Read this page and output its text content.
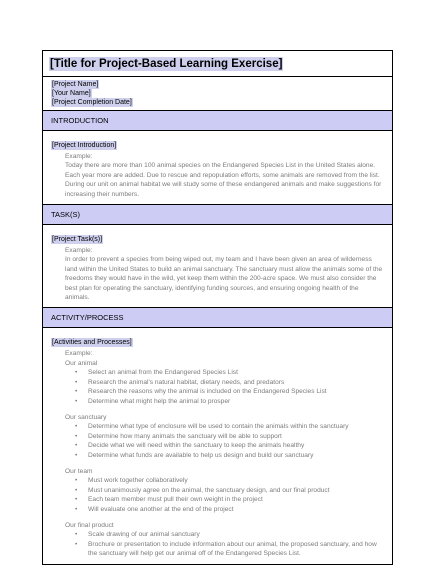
[Title for Project-Based Learning Exercise]
[Project Name]
[Your Name]
[Project Completion Date]
INTRODUCTION
[Project Introduction]
Example:
Today there are more than 100 animal species on the Endangered Species List in the United States alone. Each year more are added. Due to rescue and repopulation efforts, some animals are removed from the list. During our unit on animal habitat we will study some of these endangered animals and make suggestions for increasing their numbers.
TASK(S)
[Project Task(s)]
Example:
In order to prevent a species from being wiped out, my team and I have been given an area of wilderness land within the United States to build an animal sanctuary. The sanctuary must allow the animals some of the freedoms they would have in the wild, yet keep them within the 200-acre space. We must also consider the best plan for operating the sanctuary, identifying funding sources, and ensuring ongoing health of the animals.
ACTIVITY/PROCESS
[Activities and Processes]
Example:
Our animal
• Select an animal from the Endangered Species List
• Research the animal's natural habitat, dietary needs, and predators
• Research the reasons why the animal is included on the Endangered Species List
• Determine what might help the animal to prosper
Our sanctuary
• Determine what type of enclosure will be used to contain the animals within the sanctuary
• Determine how many animals the sanctuary will be able to support
• Decide what we will need within the sanctuary to keep the animals healthy
• Determine what funds are available to help us design and build our sanctuary
Our team
• Must work together collaboratively
• Must unanimously agree on the animal, the sanctuary design, and our final product
• Each team member must pull their own weight in the project
• Will evaluate one another at the end of the project
Our final product
• Scale drawing of our animal sanctuary
• Brochure or presentation to include information about our animal, the proposed sanctuary, and how the sanctuary will help get our animal off of the Endangered Species List.
